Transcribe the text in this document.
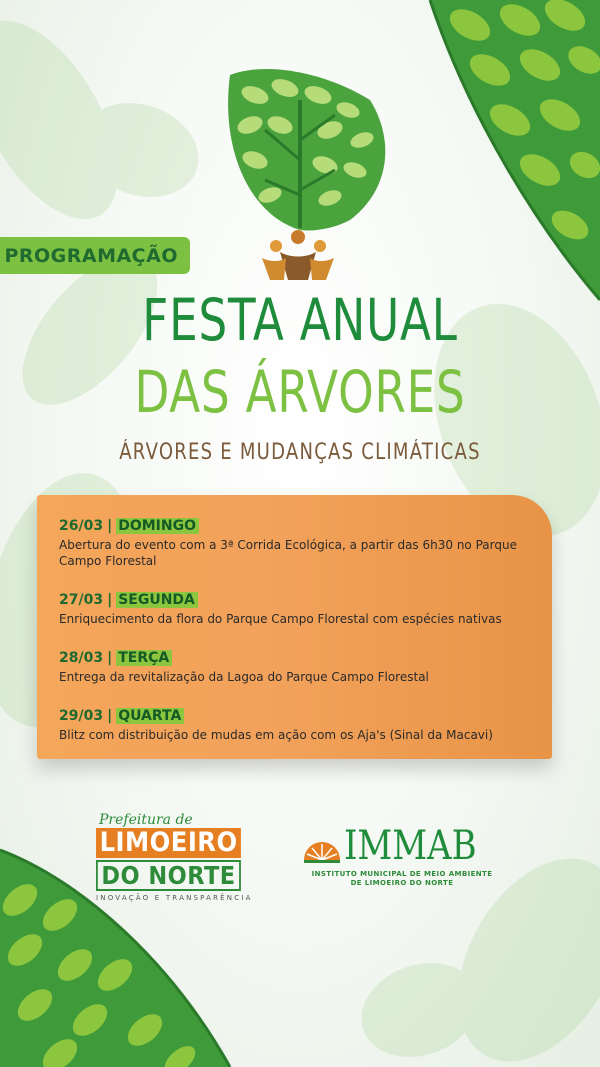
PROGRAMAÇÃO
FESTA ANUAL
DAS ÁRVORES
ÁRVORES E MUDANÇAS CLIMÁTICAS
26/03 | DOMINGO
Abertura do evento com a 3ª Corrida Ecológica, a partir das 6h30 no Parque Campo Florestal
27/03 | SEGUNDA
Enriquecimento da flora do Parque Campo Florestal com espécies nativas
28/03 | TERÇA
Entrega da revitalização da Lagoa do Parque Campo Florestal
29/03 | QUARTA
Blitz com distribuição de mudas em ação com os Aja's (Sinal da Macavi)
Prefeitura de
LIMOEIRO
DO NORTE
INOVAÇÃO E TRANSPARÊNCIA
IMMAB
INSTITUTO MUNICIPAL DE MEIO AMBIENTE
DE LIMOEIRO DO NORTE
